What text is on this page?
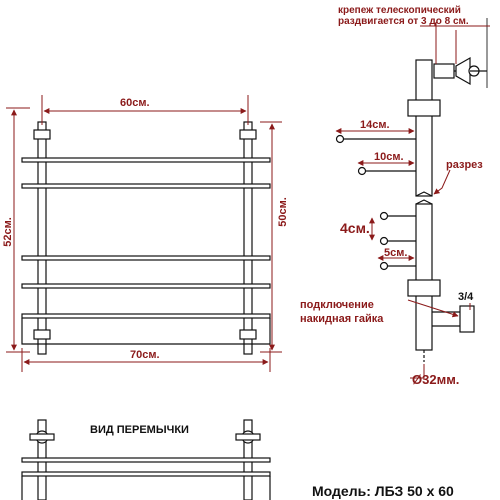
60см.
70см.
52см.
50см.
крепеж телескопический
раздвигается от 3 до 8 см.
14см.
10см.
разрез
4см.
5см.
3/4
подключение
накидная гайка
Ø32мм.
ВИД ПЕРЕМЫЧКИ
Модель: ЛБЗ 50 х 60
